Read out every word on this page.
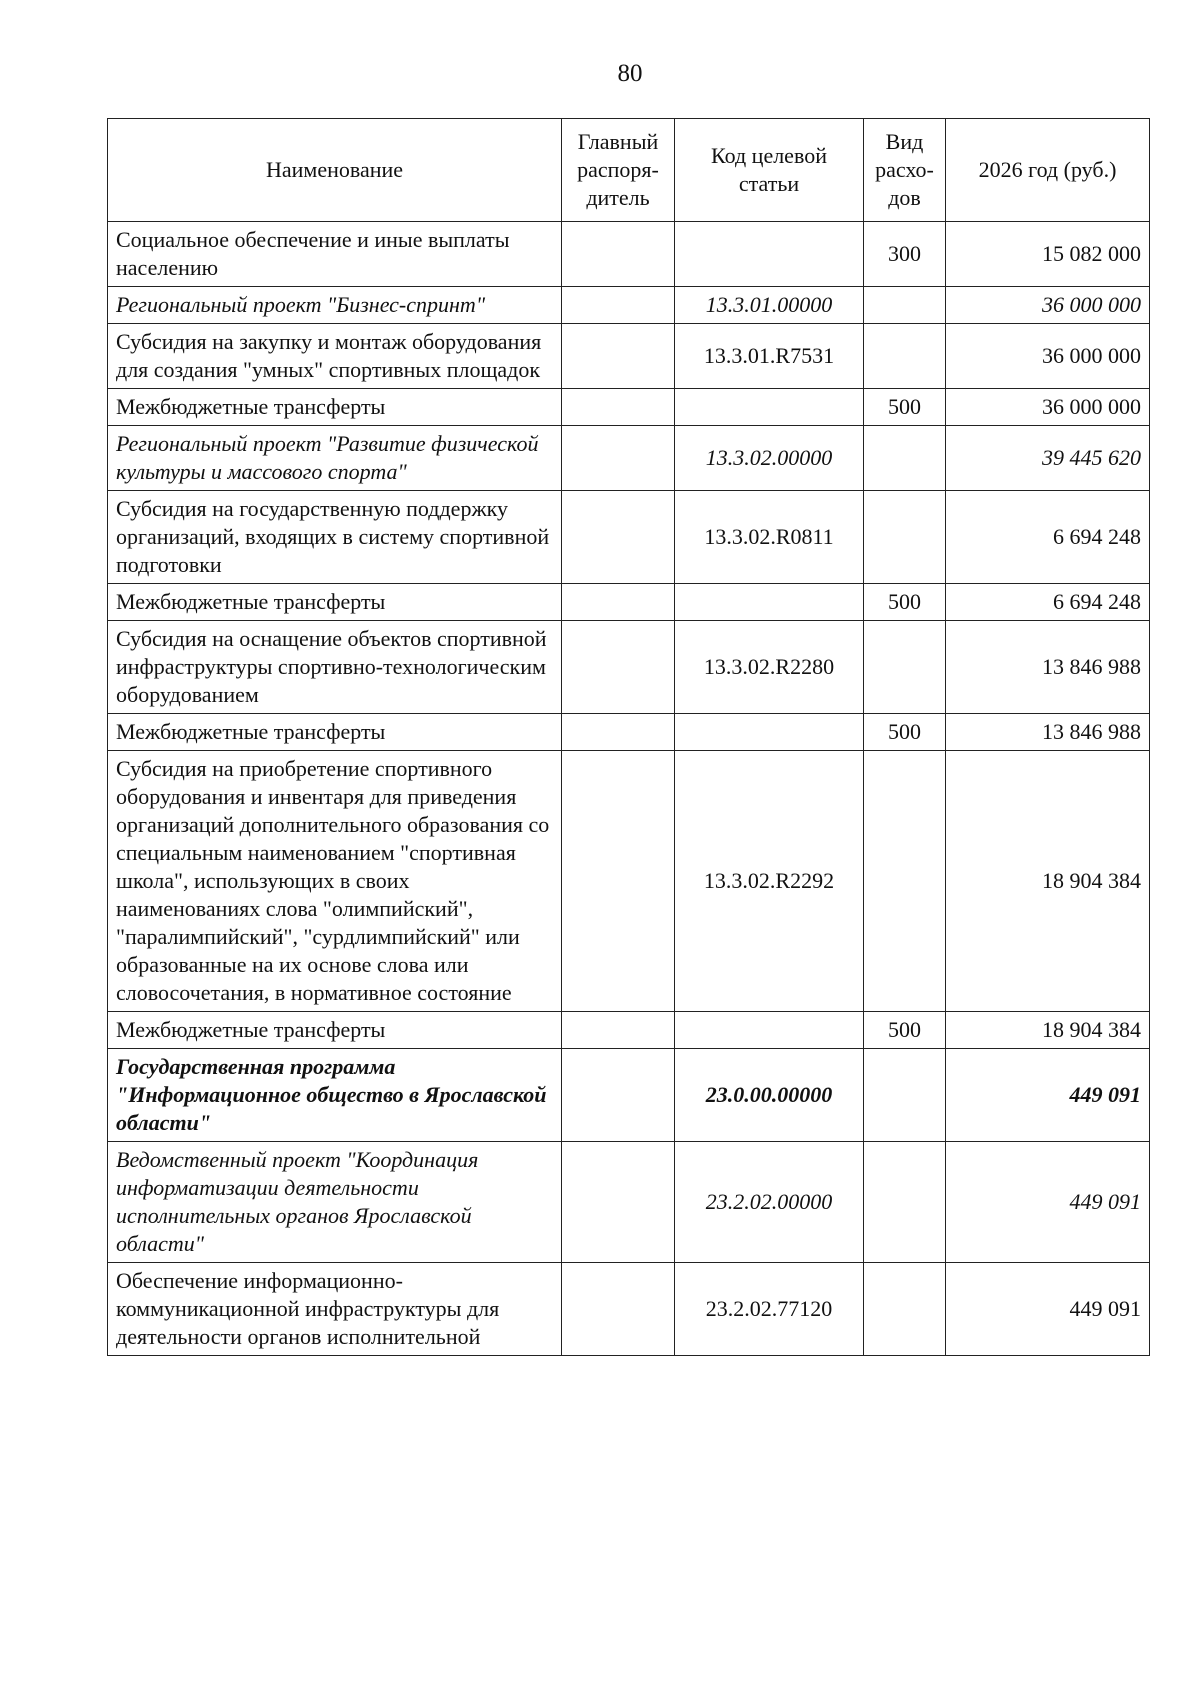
80
Наименование	Главный распоря-дитель	Код целевой статьи	Вид расхо-дов	2026 год (руб.)
Социальное обеспечение и иные выплаты населению			300	15 082 000
Региональный проект "Бизнес-спринт"		13.3.01.00000		36 000 000
Субсидия на закупку и монтаж оборудования для создания "умных" спортивных площадок		13.3.01.R7531		36 000 000
Межбюджетные трансферты			500	36 000 000
Региональный проект "Развитие физической культуры и массового спорта"		13.3.02.00000		39 445 620
Субсидия на государственную поддержку организаций, входящих в систему спортивной подготовки		13.3.02.R0811		6 694 248
Межбюджетные трансферты			500	6 694 248
Субсидия на оснащение объектов спортивной инфраструктуры спортивно-технологическим оборудованием		13.3.02.R2280		13 846 988
Межбюджетные трансферты			500	13 846 988
Субсидия на приобретение спортивного оборудования и инвентаря для приведения организаций дополнительного образования со специальным наименованием "спортивная школа", использующих в своих наименованиях слова "олимпийский", "паралимпийский", "сурдлимпийский" или образованные на их основе слова или словосочетания, в нормативное состояние		13.3.02.R2292		18 904 384
Межбюджетные трансферты			500	18 904 384
Государственная программа "Информационное общество в Ярославской области"		23.0.00.00000		449 091
Ведомственный проект "Координация информатизации деятельности исполнительных органов Ярославской области"		23.2.02.00000		449 091
Обеспечение информационно-коммуникационной инфраструктуры для деятельности органов исполнительной		23.2.02.77120		449 091
